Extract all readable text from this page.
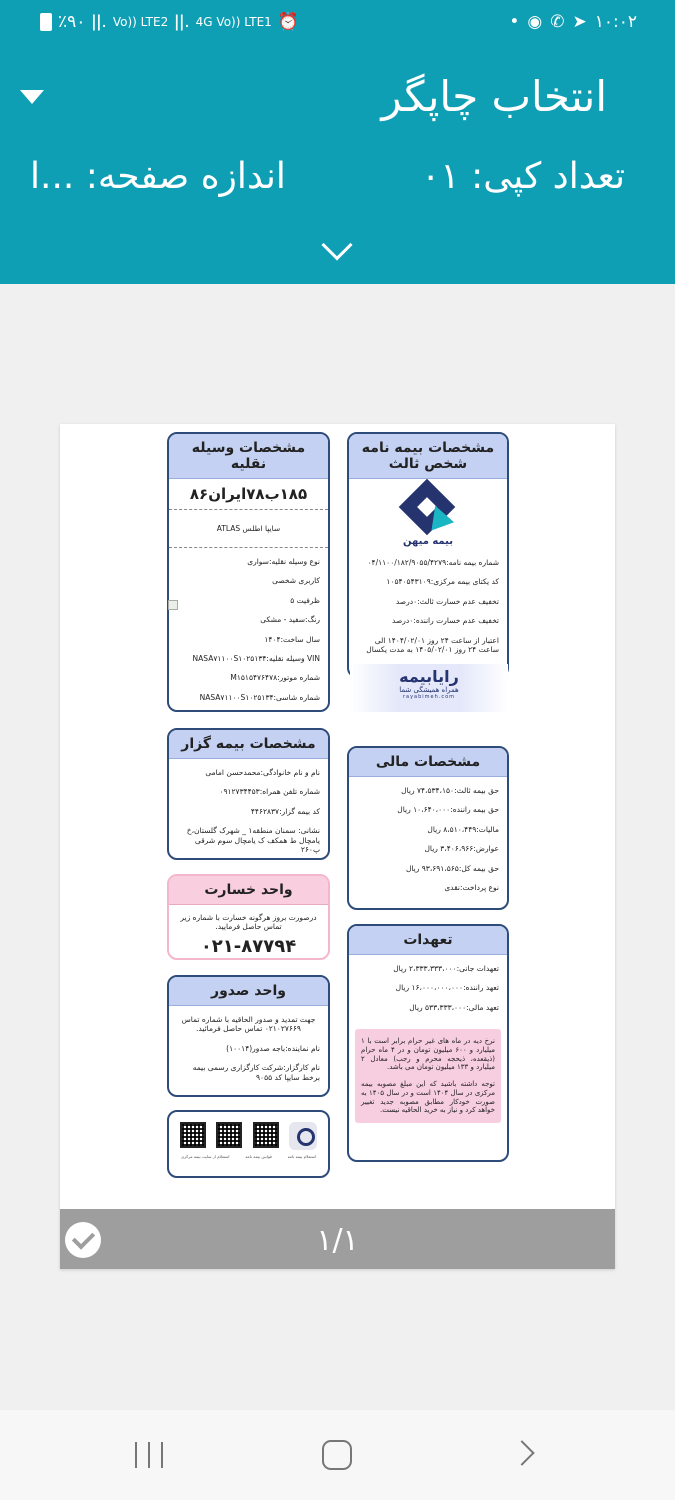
٪۹۰ ǀǀ. Vo)) LTE2 ǀǀ. 4G Vo)) LTE1 ⏰	• ◉ ✆ ➤ ۱۰:۰۲
انتخاب چاپگر
تعداد کپی: ۰۱
اندازه صفحه: ...ا
مشخصات بیمه نامه شخص ثالث
بیمه میهن
شماره بیمه نامه:۰۴/۱۱۰۰/۱۸۲/۹۰۵۵/۴۲۷۹
کد یکتای بیمه مرکزی:۱۰۵۴۰۵۴۳۱۰۹
تخفیف عدم خسارت ثالث:۰درصد
تخفیف عدم خسارت راننده:۰درصد
اعتبار از ساعت ۲۴ روز ۱۴۰۴/۰۲/۰۱ الی ساعت ۲۴ روز ۱۴۰۵/۰۲/۰۱ به مدت یکسال
مشخصات وسیله نقلیه
۱۸۵ب۷۸ایران۸۶
سایپا اطلس ATLAS
نوع وسیله نقلیه:سواری
کاربری شخصی
ظرفیت ۵
رنگ:سفید - مشکی
سال ساخت:۱۴۰۴
VIN وسیله نقلیه:NASA۷۱۱۰۰S۱۰۲۵۱۳۴
شماره موتور:M۱۵۱۵۴۷۶۴۷۸
شماره شاسی:NASA۷۱۱۰۰S۱۰۲۵۱۳۴
رایابیمه
همراه همیشگی شما
rayabimeh.com
مشخصات بیمه گزار
نام و نام خانوادگی:محمدحسن امامی
شماره تلفن همراه:۰۹۱۲۷۳۴۴۵۳
کد بیمه گزار:۴۴۶۲۸۳۷
نشانی: سمنان منطقه۱ _ شهرک گلستان،خ یامچال ط همکف ک یامچال سوم شرقی پ۲۶۰
مشخصات مالی
حق بیمه ثالث:۷۴،۵۳۴،۱۵۰ ریال
حق بیمه راننده:۱۰،۶۴۰،۰۰۰ ریال
مالیات:۸،۵۱۰،۴۴۹ ریال
عوارض:۳،۴۰۶،۹۶۶ ریال
حق بیمه کل:۹۳،۶۹۱،۵۶۵ ریال
نوع پرداخت:نقدی
واحد خسارت
درصورت بروز هرگونه خسارت با شماره زیر تماس حاصل فرمایید.
۰۲۱-۸۷۷۹۴	تعهدات
تعهدات جانی:۲،۳۳۳،۳۳۳،۰۰۰ ریال
تعهد راننده:۱۶،۰۰۰،۰۰۰،۰۰۰ ریال
تعهد مالی:۵۳۳،۳۳۳،۰۰۰ ریال
نرخ دیه در ماه های غیر حرام برابر است با ۱ میلیارد و ۶۰۰ میلیون تومان و در ۴ ماه حرام (ذیقعده، ذیحجه محرم و رجب) معادل ۲ میلیارد و ۱۳۳ میلیون تومان می باشد.
توجه داشته باشید که این مبلغ مصوبه بیمه مرکزی در سال ۱۴۰۴ است و در سال ۱۴۰۵ به صورت خودکار مطابق مصوبه جدید تغییر خواهد کرد و نیاز به خرید الحاقیه نیست.
واحد صدور
جهت تمدید و صدور الحاقیه با شماره تماس ۰۲۱۰۲۷۶۶۹ تماس حاصل فرمائید.
نام نماینده:باجه صدور(۱۰۰۱۴)
نام کارگزار:شرکت کارگزاری رسمی بیمه برخط سایپا کد ۹۰۵۵
استعلام بیمه نامه
قوانین بیمه نامه
استعلام از سایت بیمه مرکزی
۱/۱
